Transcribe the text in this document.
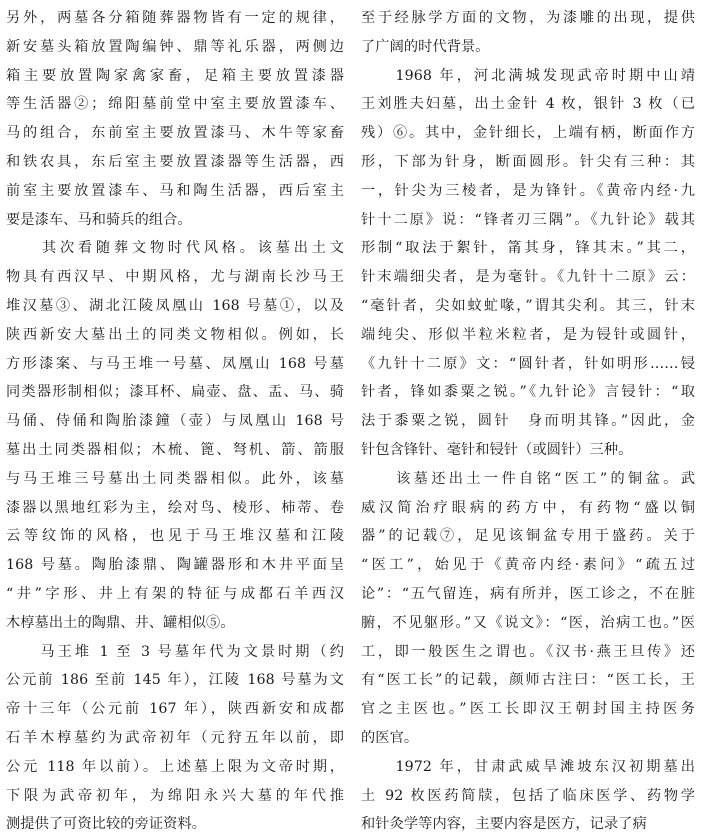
另外，两墓各分箱随葬器物皆有一定的规律，
新安墓头箱放置陶编钟、鼎等礼乐器，两侧边
箱主要放置陶家禽家畜，足箱主要放置漆器
等生活器②；绵阳墓前堂中室主要放置漆车、
马的组合，东前室主要放置漆马、木牛等家畜
和铁农具，东后室主要放置漆器等生活器，西
前室主要放置漆车、马和陶生活器，西后室主
要是漆车、马和骑兵的组合。
　　其次看随葬文物时代风格。该墓出土文
物具有西汉早、中期风格，尤与湖南长沙马王
堆汉墓③、湖北江陵凤凰山 168 号墓①，以及
陕西新安大墓出土的同类文物相似。例如，长
方形漆案、与马王堆一号墓、凤凰山 168 号墓
同类器形制相似；漆耳杯、扁壶、盘、盂、马、骑
马俑、侍俑和陶胎漆鐘（壶）与凤凰山 168 号
墓出土同类器相似；木梳、篦、弩机、箭、箭服
与马王堆三号墓出土同类器相似。此外，该墓
漆器以黑地红彩为主，绘对鸟、棱形、柿蒂、卷
云等纹饰的风格，也见于马王堆汉墓和江陵
168 号墓。陶胎漆鼎、陶罐器形和木井平面呈
“井”字形、井上有架的特征与成都石羊西汉
木椁墓出土的陶鼎、井、罐相似⑤。
　　马王堆 1 至 3 号墓年代为文景时期（约
公元前 186 至前 145 年），江陵 168 号墓为文
帝十三年（公元前 167 年），陕西新安和成都
石羊木椁墓约为武帝初年（元狩五年以前，即
公元 118 年以前）。上述墓上限为文帝时期，
下限为武帝初年，为绵阳永兴大墓的年代推
测提供了可资比较的旁证资料。
至于经脉学方面的文物，为漆雕的出现，提供
了广阔的时代背景。
　　1968 年，河北满城发现武帝时期中山靖
王刘胜夫妇墓，出土金针 4 枚，银针 3 枚（已
残）⑥。其中，金针细长，上端有柄，断面作方
形，下部为针身，断面圆形。针尖有三种：其
一，针尖为三棱者，是为锋针。《黄帝内经·九
针十二原》说：“锋者刃三隅”。《九针论》载其
形制“取法于絮针，筩其身，锋其末。”其二，
针末端细尖者，是为毫针。《九针十二原》云：
“毫针者，尖如蚊虻喙，”谓其尖利。其三，针末
端纯尖、形似半粒米粒者，是为锓针或圆针，
《九针十二原》文：“圆针者，针如明形……锓
针者，锋如黍粟之锐。”《九针论》言锓针：“取
法于黍粟之锐，圆针　身而明其锋。”因此，金
针包含锋针、毫针和锓针（或圆针）三种。
　　该墓还出土一件自铭“医工”的铜盆。武
威汉简治疗眼病的药方中，有药物“盛以铜
器”的记载⑦，足见该铜盆专用于盛药。关于
“医工”，始见于《黄帝内经·素问》“疏五过
论”：“五气留连，病有所并，医工诊之，不在脏
腑，不见躯形。”又《说文》：“医，治病工也。”医
工，即一般医生之谓也。《汉书·燕王旦传》还
有“医工长”的记载，颜师古注曰：“医工长，王
官之主医也。”医工长即汉王朝封国主持医务
的医官。
　　1972 年，甘肃武威旱滩坡东汉初期墓出
土 92 枚医药简牍，包括了临床医学、药物学
和针灸学等内容，主要内容是医方，记录了病
